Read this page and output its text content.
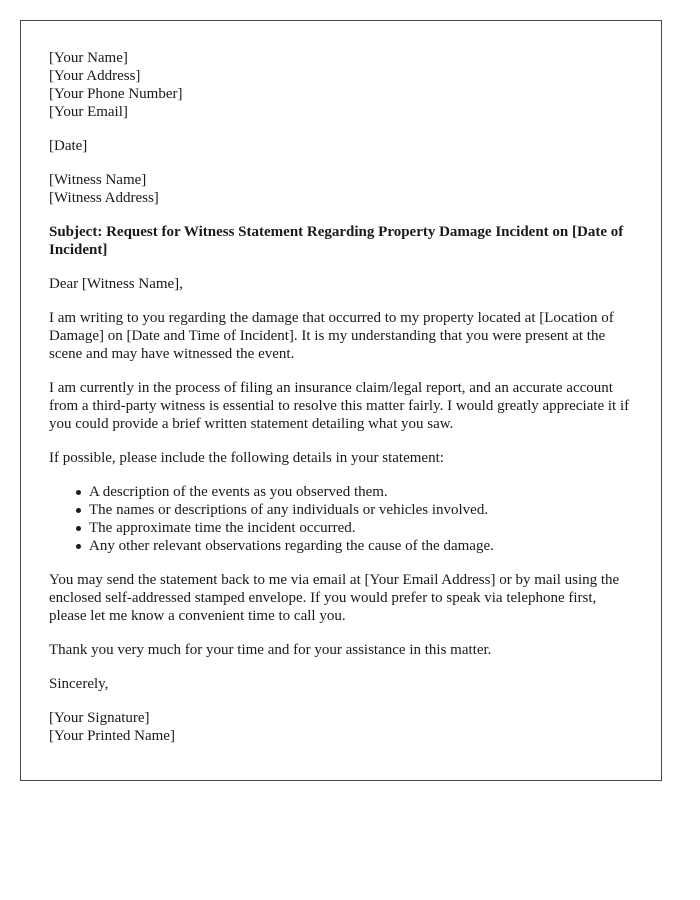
[Your Name]
[Your Address]
[Your Phone Number]
[Your Email]
[Date]
[Witness Name]
[Witness Address]

Subject: Request for Witness Statement Regarding Property Damage Incident on [Date of Incident]

Dear [Witness Name],

I am writing to you regarding the damage that occurred to my property located at [Location of Damage] on [Date and Time of Incident]. It is my understanding that you were present at the scene and may have witnessed the event.

I am currently in the process of filing an insurance claim/legal report, and an accurate account from a third-party witness is essential to resolve this matter fairly. I would greatly appreciate it if you could provide a brief written statement detailing what you saw.

If possible, please include the following details in your statement:

A description of the events as you observed them.
The names or descriptions of any individuals or vehicles involved.
The approximate time the incident occurred.
Any other relevant observations regarding the cause of the damage.

You may send the statement back to me via email at [Your Email Address] or by mail using the enclosed self-addressed stamped envelope. If you would prefer to speak via telephone first, please let me know a convenient time to call you.

Thank you very much for your time and for your assistance in this matter.

Sincerely,

[Your Signature]
[Your Printed Name]
